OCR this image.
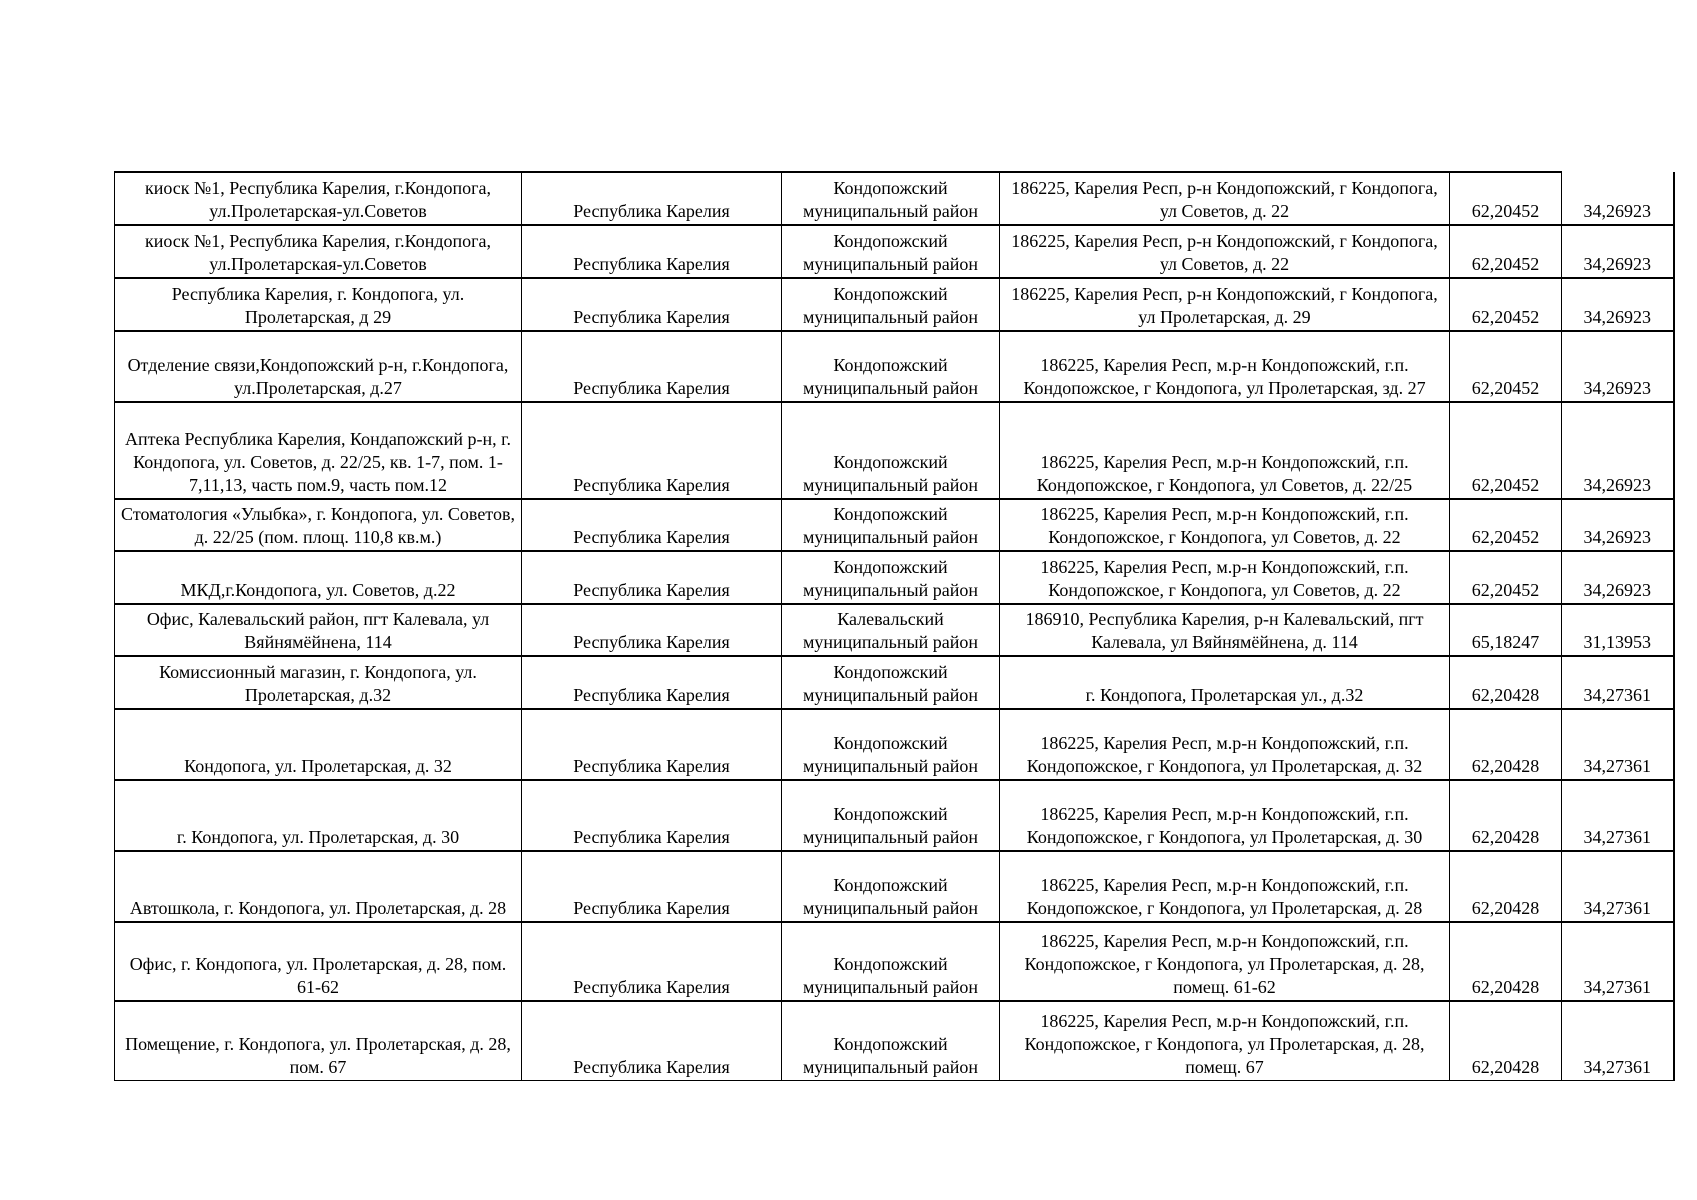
киоск №1, Республика Карелия, г.Кондопога, ул.Пролетарская-ул.Советов	Республика Карелия	Кондопожский муниципальный район	186225, Карелия Респ, р-н Кондопожский, г Кондопога, ул Советов, д. 22	62,20452	34,26923
киоск №1, Республика Карелия, г.Кондопога, ул.Пролетарская-ул.Советов	Республика Карелия	Кондопожский муниципальный район	186225, Карелия Респ, р-н Кондопожский, г Кондопога, ул Советов, д. 22	62,20452	34,26923
Республика Карелия, г. Кондопога, ул. Пролетарская, д 29	Республика Карелия	Кондопожский муниципальный район	186225, Карелия Респ, р-н Кондопожский, г Кондопога, ул Пролетарская, д. 29	62,20452	34,26923
Отделение связи,Кондопожский р-н, г.Кондопога, ул.Пролетарская, д.27	Республика Карелия	Кондопожский муниципальный район	186225, Карелия Респ, м.р-н Кондопожский, г.п. Кондопожское, г Кондопога, ул Пролетарская, зд. 27	62,20452	34,26923
Аптека Республика Карелия, Кондапожский р-н, г. Кондопога, ул. Советов, д. 22/25, кв. 1-7, пом. 1-7,11,13, часть пом.9, часть пом.12	Республика Карелия	Кондопожский муниципальный район	186225, Карелия Респ, м.р-н Кондопожский, г.п. Кондопожское, г Кондопога, ул Советов, д. 22/25	62,20452	34,26923
Стоматология «Улыбка», г. Кондопога, ул. Советов, д. 22/25 (пом. площ. 110,8 кв.м.)	Республика Карелия	Кондопожский муниципальный район	186225, Карелия Респ, м.р-н Кондопожский, г.п. Кондопожское, г Кондопога, ул Советов, д. 22	62,20452	34,26923
МКД,г.Кондопога, ул. Советов, д.22	Республика Карелия	Кондопожский муниципальный район	186225, Карелия Респ, м.р-н Кондопожский, г.п. Кондопожское, г Кондопога, ул Советов, д. 22	62,20452	34,26923
Офис, Калевальский район, пгт Калевала, ул Вяйнямёйнена, 114	Республика Карелия	Калевальский муниципальный район	186910, Республика Карелия, р-н Калевальский, пгт Калевала, ул Вяйнямёйнена, д. 114	65,18247	31,13953
Комиссионный магазин, г. Кондопога, ул. Пролетарская, д.32	Республика Карелия	Кондопожский муниципальный район	г. Кондопога, Пролетарская ул., д.32	62,20428	34,27361
Кондопога, ул. Пролетарская, д. 32	Республика Карелия	Кондопожский муниципальный район	186225, Карелия Респ, м.р-н Кондопожский, г.п. Кондопожское, г Кондопога, ул Пролетарская, д. 32	62,20428	34,27361
г. Кондопога, ул. Пролетарская, д. 30	Республика Карелия	Кондопожский муниципальный район	186225, Карелия Респ, м.р-н Кондопожский, г.п. Кондопожское, г Кондопога, ул Пролетарская, д. 30	62,20428	34,27361
Автошкола, г. Кондопога, ул. Пролетарская, д. 28	Республика Карелия	Кондопожский муниципальный район	186225, Карелия Респ, м.р-н Кондопожский, г.п. Кондопожское, г Кондопога, ул Пролетарская, д. 28	62,20428	34,27361
Офис, г. Кондопога, ул. Пролетарская, д. 28, пом. 61-62	Республика Карелия	Кондопожский муниципальный район	186225, Карелия Респ, м.р-н Кондопожский, г.п. Кондопожское, г Кондопога, ул Пролетарская, д. 28, помещ. 61-62	62,20428	34,27361
Помещение, г. Кондопога, ул. Пролетарская, д. 28, пом. 67	Республика Карелия	Кондопожский муниципальный район	186225, Карелия Респ, м.р-н Кондопожский, г.п. Кондопожское, г Кондопога, ул Пролетарская, д. 28, помещ. 67	62,20428	34,27361
